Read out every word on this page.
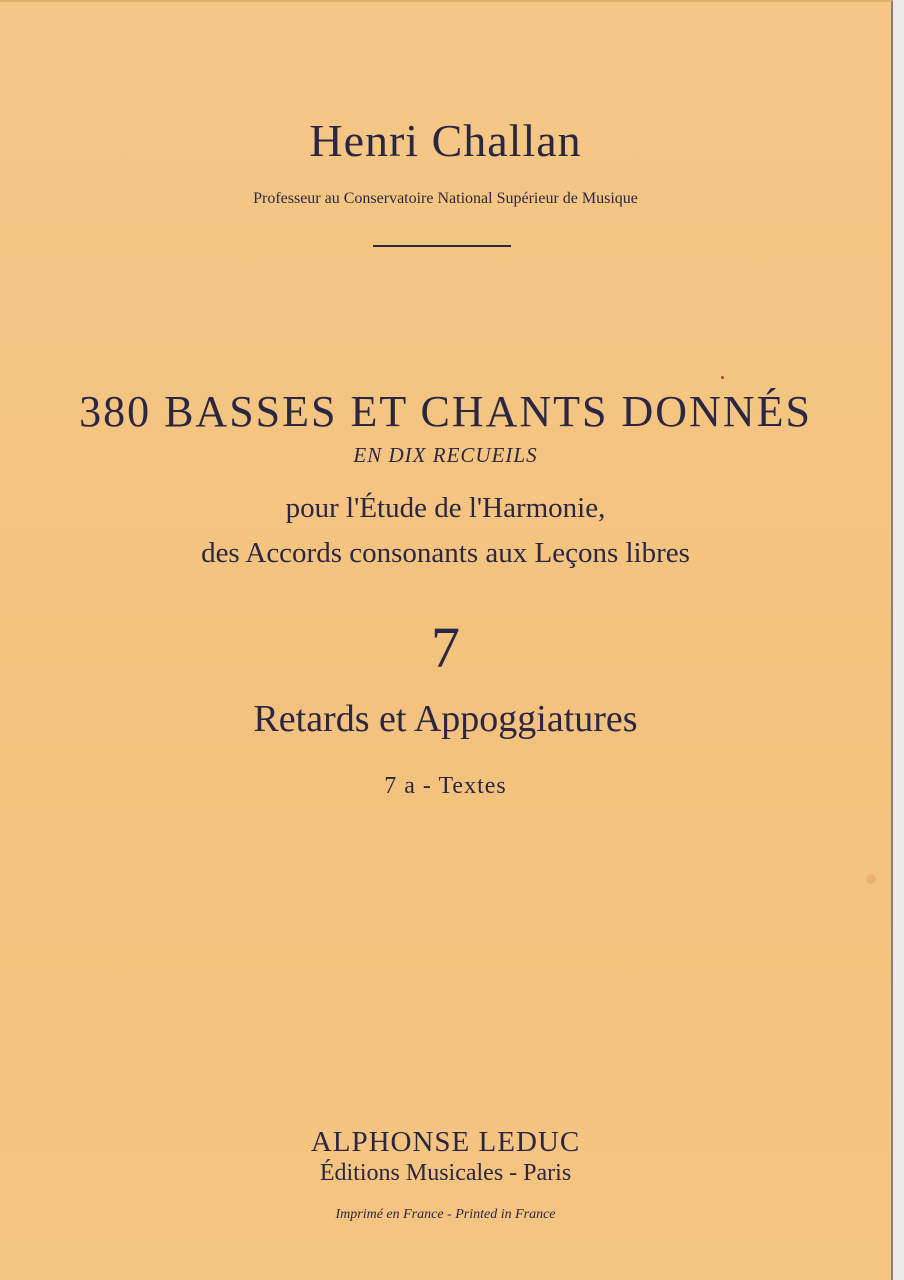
Henri Challan
Professeur au Conservatoire National Supérieur de Musique
380 BASSES ET CHANTS DONNÉS
EN DIX RECUEILS
pour l'Étude de l'Harmonie,
des Accords consonants aux Leçons libres
7
Retards et Appoggiatures
7 a - Textes
ALPHONSE LEDUC
Éditions Musicales - Paris
Imprimé en France - Printed in France
